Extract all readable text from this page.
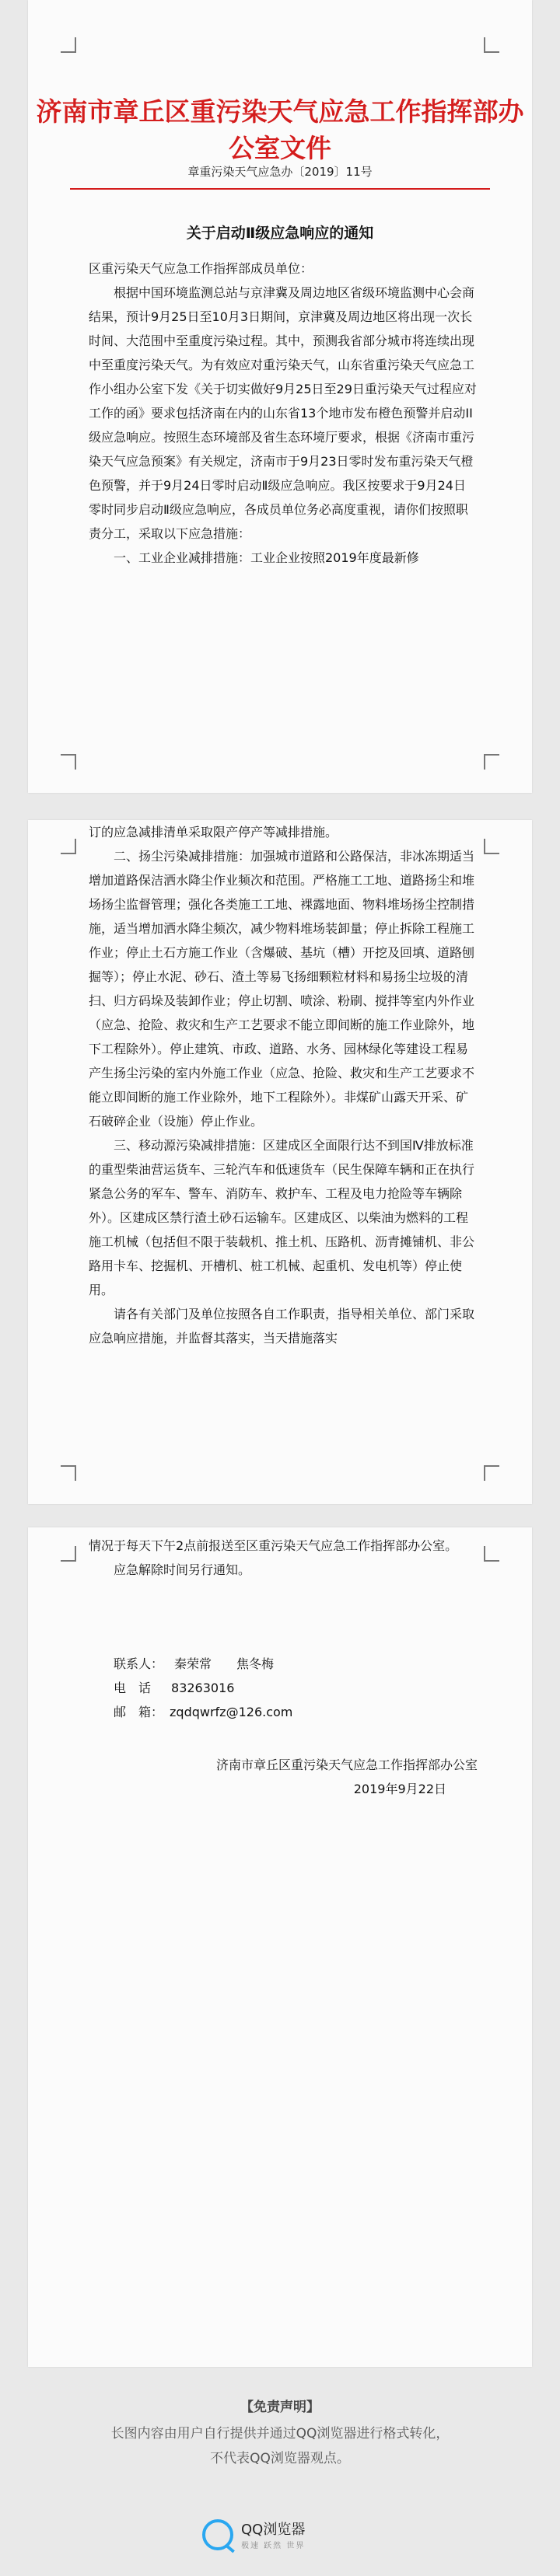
济南市章丘区重污染天气应急工作指挥部办公室文件
章重污染天气应急办〔2019〕11号
关于启动Ⅱ级应急响应的通知

区重污染天气应急工作指挥部成员单位：

根据中国环境监测总站与京津冀及周边地区省级环境监测中心会商结果，预计9月25日至10月3日期间，京津冀及周边地区将出现一次长时间、大范围中至重度污染过程。其中，预测我省部分城市将连续出现中至重度污染天气。为有效应对重污染天气，山东省重污染天气应急工作小组办公室下发《关于切实做好9月25日至29日重污染天气过程应对工作的函》要求包括济南在内的山东省13个地市发布橙色预警并启动II级应急响应。按照生态环境部及省生态环境厅要求，根据《济南市重污染天气应急预案》有关规定，济南市于9月23日零时发布重污染天气橙色预警，并于9月24日零时启动Ⅱ级应急响应。我区按要求于9月24日零时同步启动Ⅱ级应急响应，各成员单位务必高度重视，请你们按照职责分工，采取以下应急措施：

一、工业企业减排措施：工业企业按照2019年度最新修

订的应急减排清单采取限产停产等减排措施。

二、扬尘污染减排措施：加强城市道路和公路保洁，非冰冻期适当增加道路保洁洒水降尘作业频次和范围。严格施工工地、道路扬尘和堆场扬尘监督管理；强化各类施工工地、裸露地面、物料堆场扬尘控制措施，适当增加洒水降尘频次，减少物料堆场装卸量；停止拆除工程施工作业；停止土石方施工作业（含爆破、基坑（槽）开挖及回填、道路刨掘等）；停止水泥、砂石、渣土等易飞扬细颗粒材料和易扬尘垃圾的清扫、归方码垛及装卸作业；停止切割、喷涂、粉刷、搅拌等室内外作业（应急、抢险、救灾和生产工艺要求不能立即间断的施工作业除外，地下工程除外）。停止建筑、市政、道路、水务、园林绿化等建设工程易产生扬尘污染的室内外施工作业（应急、抢险、救灾和生产工艺要求不能立即间断的施工作业除外，地下工程除外）。非煤矿山露天开采、矿石破碎企业（设施）停止作业。

三、移动源污染减排措施：区建成区全面限行达不到国Ⅳ排放标准的重型柴油营运货车、三轮汽车和低速货车（民生保障车辆和正在执行紧急公务的军车、警车、消防车、救护车、工程及电力抢险等车辆除外）。区建成区禁行渣土砂石运输车。区建成区、以柴油为燃料的工程施工机械（包括但不限于装载机、推土机、压路机、沥青摊铺机、非公路用卡车、挖掘机、开槽机、桩工机械、起重机、发电机等）停止使用。

请各有关部门及单位按照各自工作职责，指导相关单位、部门采取应急响应措施，并监督其落实，当天措施落实

情况于每天下午2点前报送至区重污染天气应急工作指挥部办公室。

应急解除时间另行通知。

联系人： 秦荣常　　焦冬梅

电　话 83263016

邮　箱： zqdqwrfz@126.com

济南市章丘区重污染天气应急工作指挥部办公室

2019年9月22日

【免责声明】
长图内容由用户自行提供并通过QQ浏览器进行格式转化，
不代表QQ浏览器观点。
QQ浏览器
极速 跃然 世界
